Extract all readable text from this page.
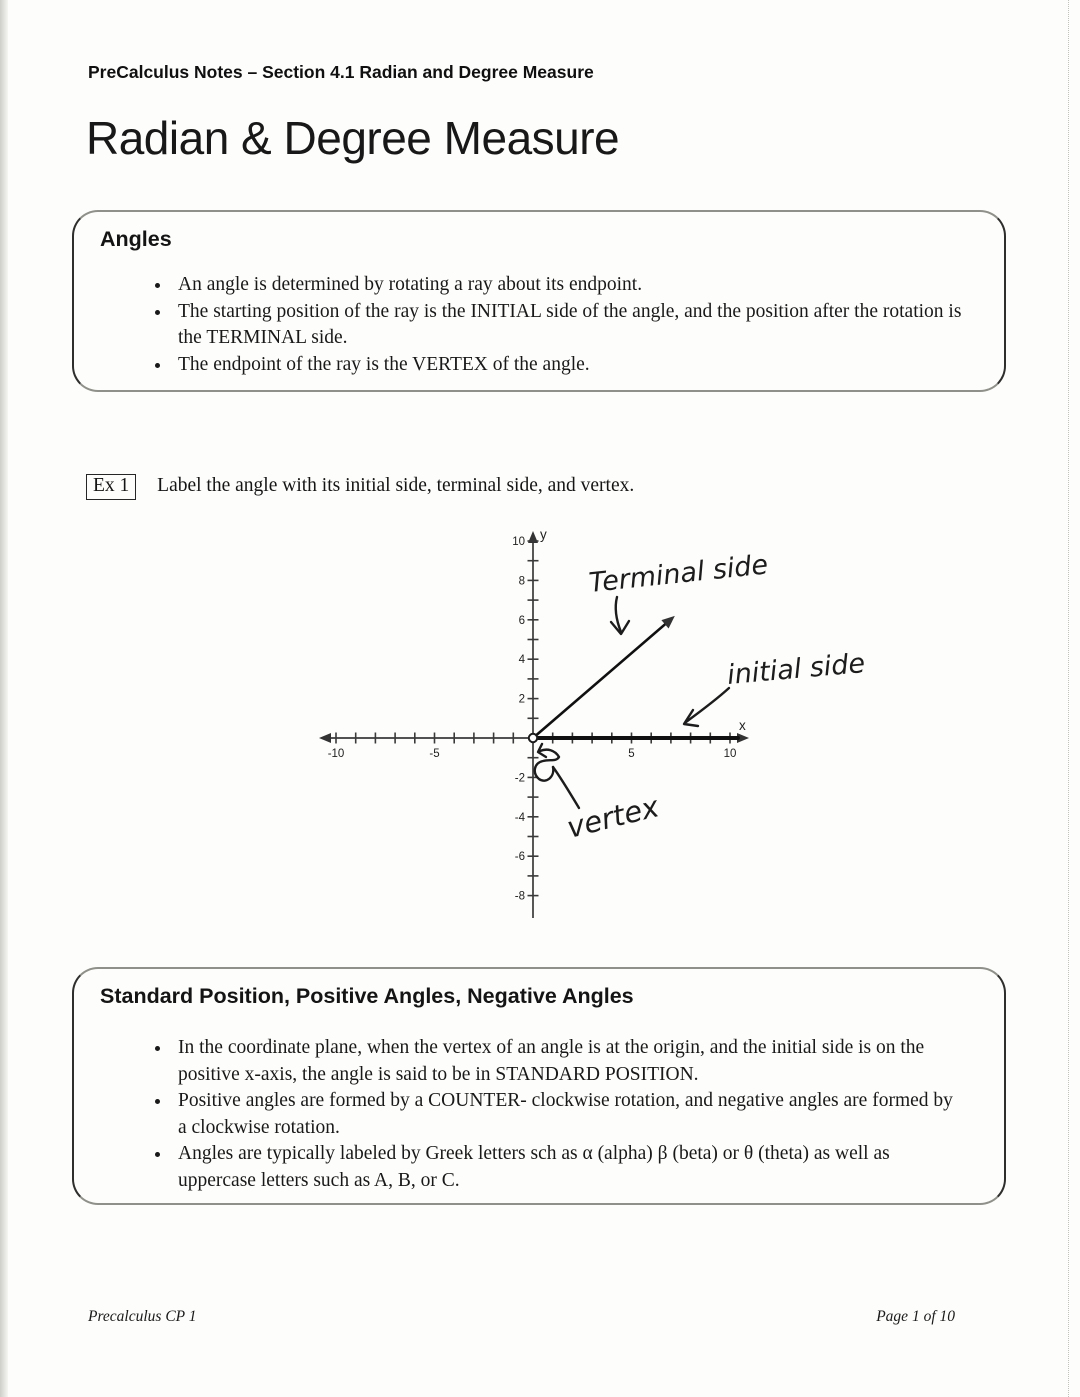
PreCalculus Notes – Section 4.1 Radian and Degree Measure
Radian & Degree Measure
Angles
• An angle is determined by rotating a ray about its endpoint.
• The starting position of the ray is the INITIAL side of the angle, and the position after the rotation is the TERMINAL side.
• The endpoint of the ray is the VERTEX of the angle.
Ex 1 Label the angle with its initial side, terminal side, and vertex.
-10	-5	5	10
10
8
6
4
2
-2
-4
-6
-8
y
x
Terminal side
initial side
vertex
Standard Position, Positive Angles, Negative Angles
• In the coordinate plane, when the vertex of an angle is at the origin, and the initial side is on the positive x-axis, the angle is said to be in STANDARD POSITION.
• Positive angles are formed by a COUNTER- clockwise rotation, and negative angles are formed by a clockwise rotation.
• Angles are typically labeled by Greek letters sch as α (alpha) β (beta) or θ (theta) as well as uppercase letters such as A, B, or C.
Precalculus CP 1	Page 1 of 10
